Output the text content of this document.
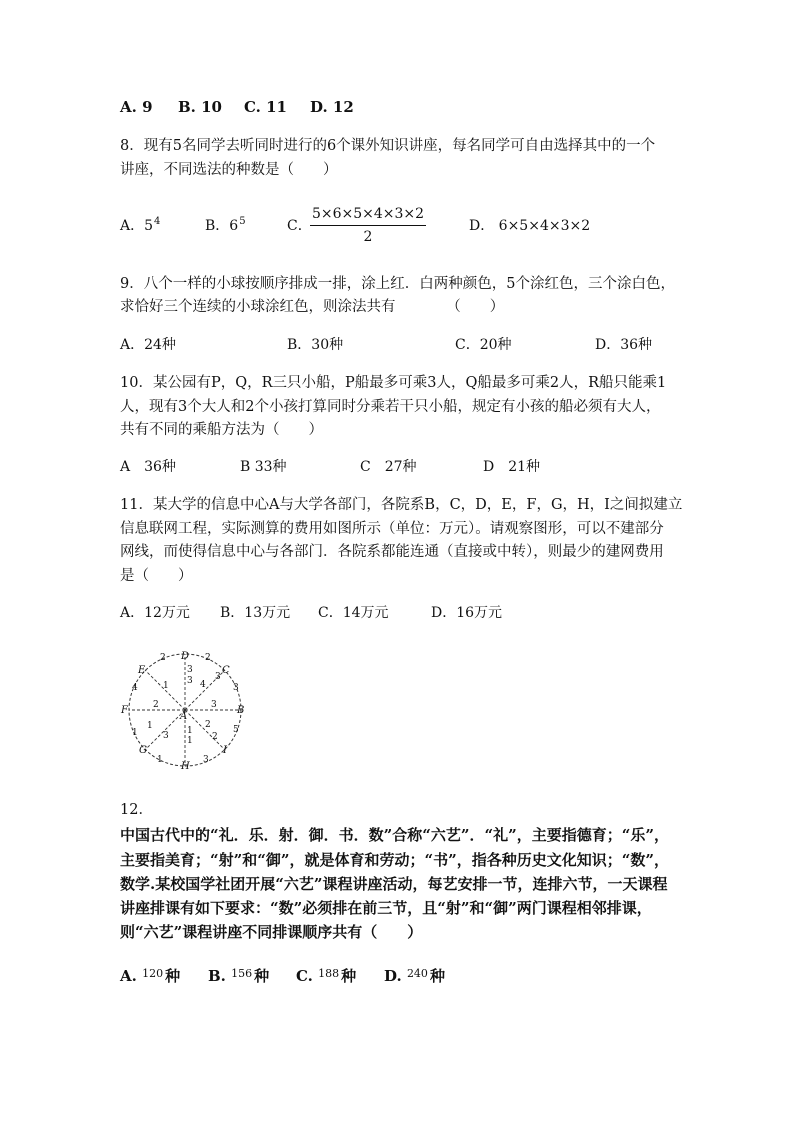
A. 9 B. 10 C. 11 D. 12
8．现有5名同学去听同时进行的6个课外知识讲座，每名同学可自由选择其中的一个
讲座，不同选法的种数是（　　）
A．$5^4$	B．$6^5$	C．
5×6×5×4×3×2
2
D． 6×5×4×3×2
9．八个一样的小球按顺序排成一排，涂上红．白两种颜色，5个涂红色，三个涂白色，
求恰好三个连续的小球涂红色，则涂法共有　　　　（　　）
A．24种	B．30种	C．20种	D．36种
10．某公园有P，Q，R三只小船，P船最多可乘3人，Q船最多可乘2人，R船只能乘1
人，现有3个大人和2个小孩打算同时分乘若干只小船，规定有小孩的船必须有大人，
共有不同的乘船方法为（　　）
A　36种	B 33种	C　27种	D　21种
11．某大学的信息中心A与大学各部门，各院系B，C，D，E，F，G，H，I之间拟建立
信息联网工程，实际测算的费用如图所示（单位：万元）。请观察图形，可以不建部分
网线，而使得信息中心与各部门．各院系都能连通（直接或中转），则最少的建网费用
是（　　）
A．12万元 B．13万元 C．14万元	D．16万元
D
C
E
F	B
A
G	I
H
2
2
3
3
5
1
4
1
3
1
2
4
2
3
3
1
2
3
1	1
3
12．
中国古代中的“礼．乐．射．御．书．数”合称“六艺”．“礼”，主要指德育；“乐”，
主要指美育；“射”和“御”，就是体育和劳动；“书”，指各种历史文化知识；“数”，
数学.某校国学社团开展“六艺”课程讲座活动，每艺安排一节，连排六节，一天课程
讲座排课有如下要求：“数”必须排在前三节，且“射”和“御”两门课程相邻排课，
则“六艺”课程讲座不同排课顺序共有（　　）
A. $^{120}$ 种 B. $^{156}$ 种 C. $^{188}$ 种 D. $^{240}$ 种
